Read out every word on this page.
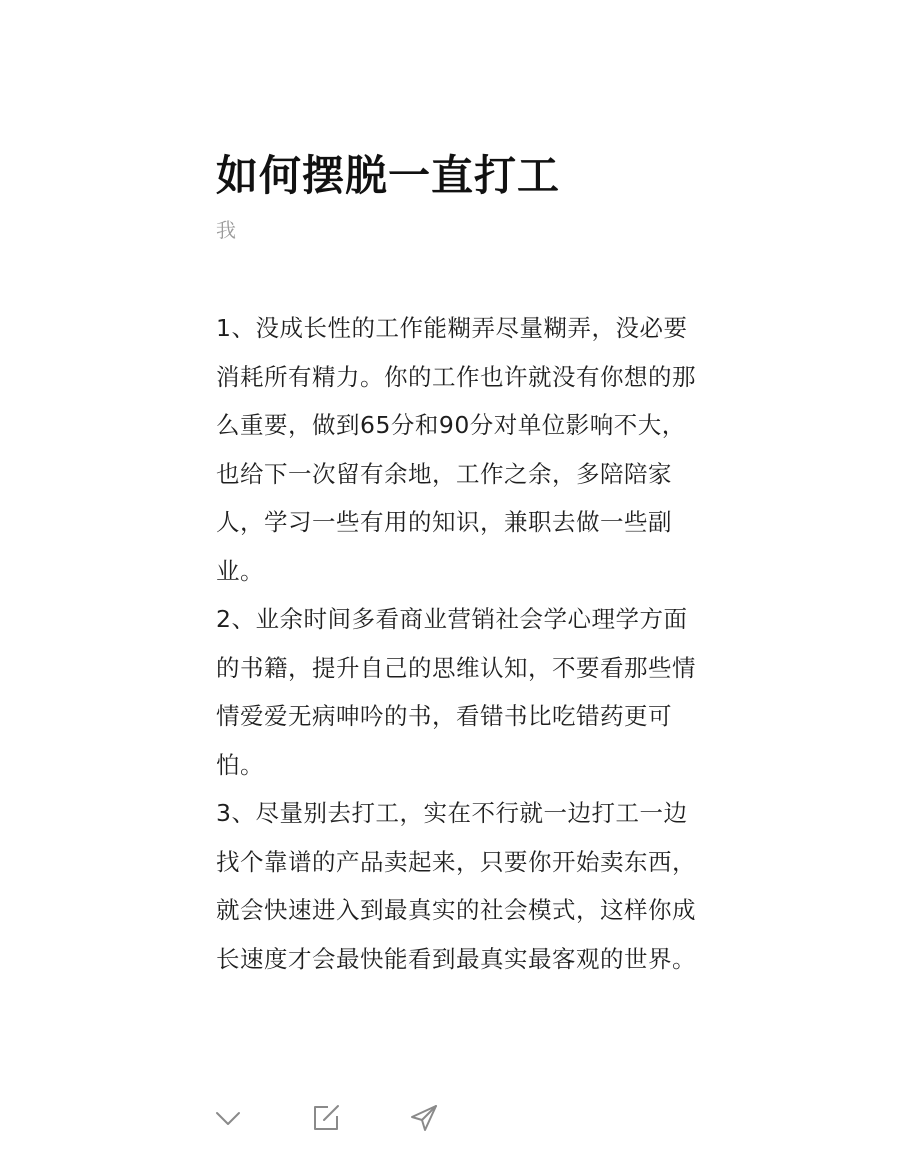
如何摆脱一直打工
我

1、没成长性的工作能糊弄尽量糊弄，没必要消耗所有精力。你的工作也许就没有你想的那么重要，做到65分和90分对单位影响不大，也给下一次留有余地，工作之余，多陪陪家人，学习一些有用的知识，兼职去做一些副业。

2、业余时间多看商业营销社会学心理学方面的书籍，提升自己的思维认知，不要看那些情情爱爱无病呻吟的书，看错书比吃错药更可怕。

3、尽量别去打工，实在不行就一边打工一边找个靠谱的产品卖起来，只要你开始卖东西，就会快速进入到最真实的社会模式，这样你成长速度才会最快能看到最真实最客观的世界。
